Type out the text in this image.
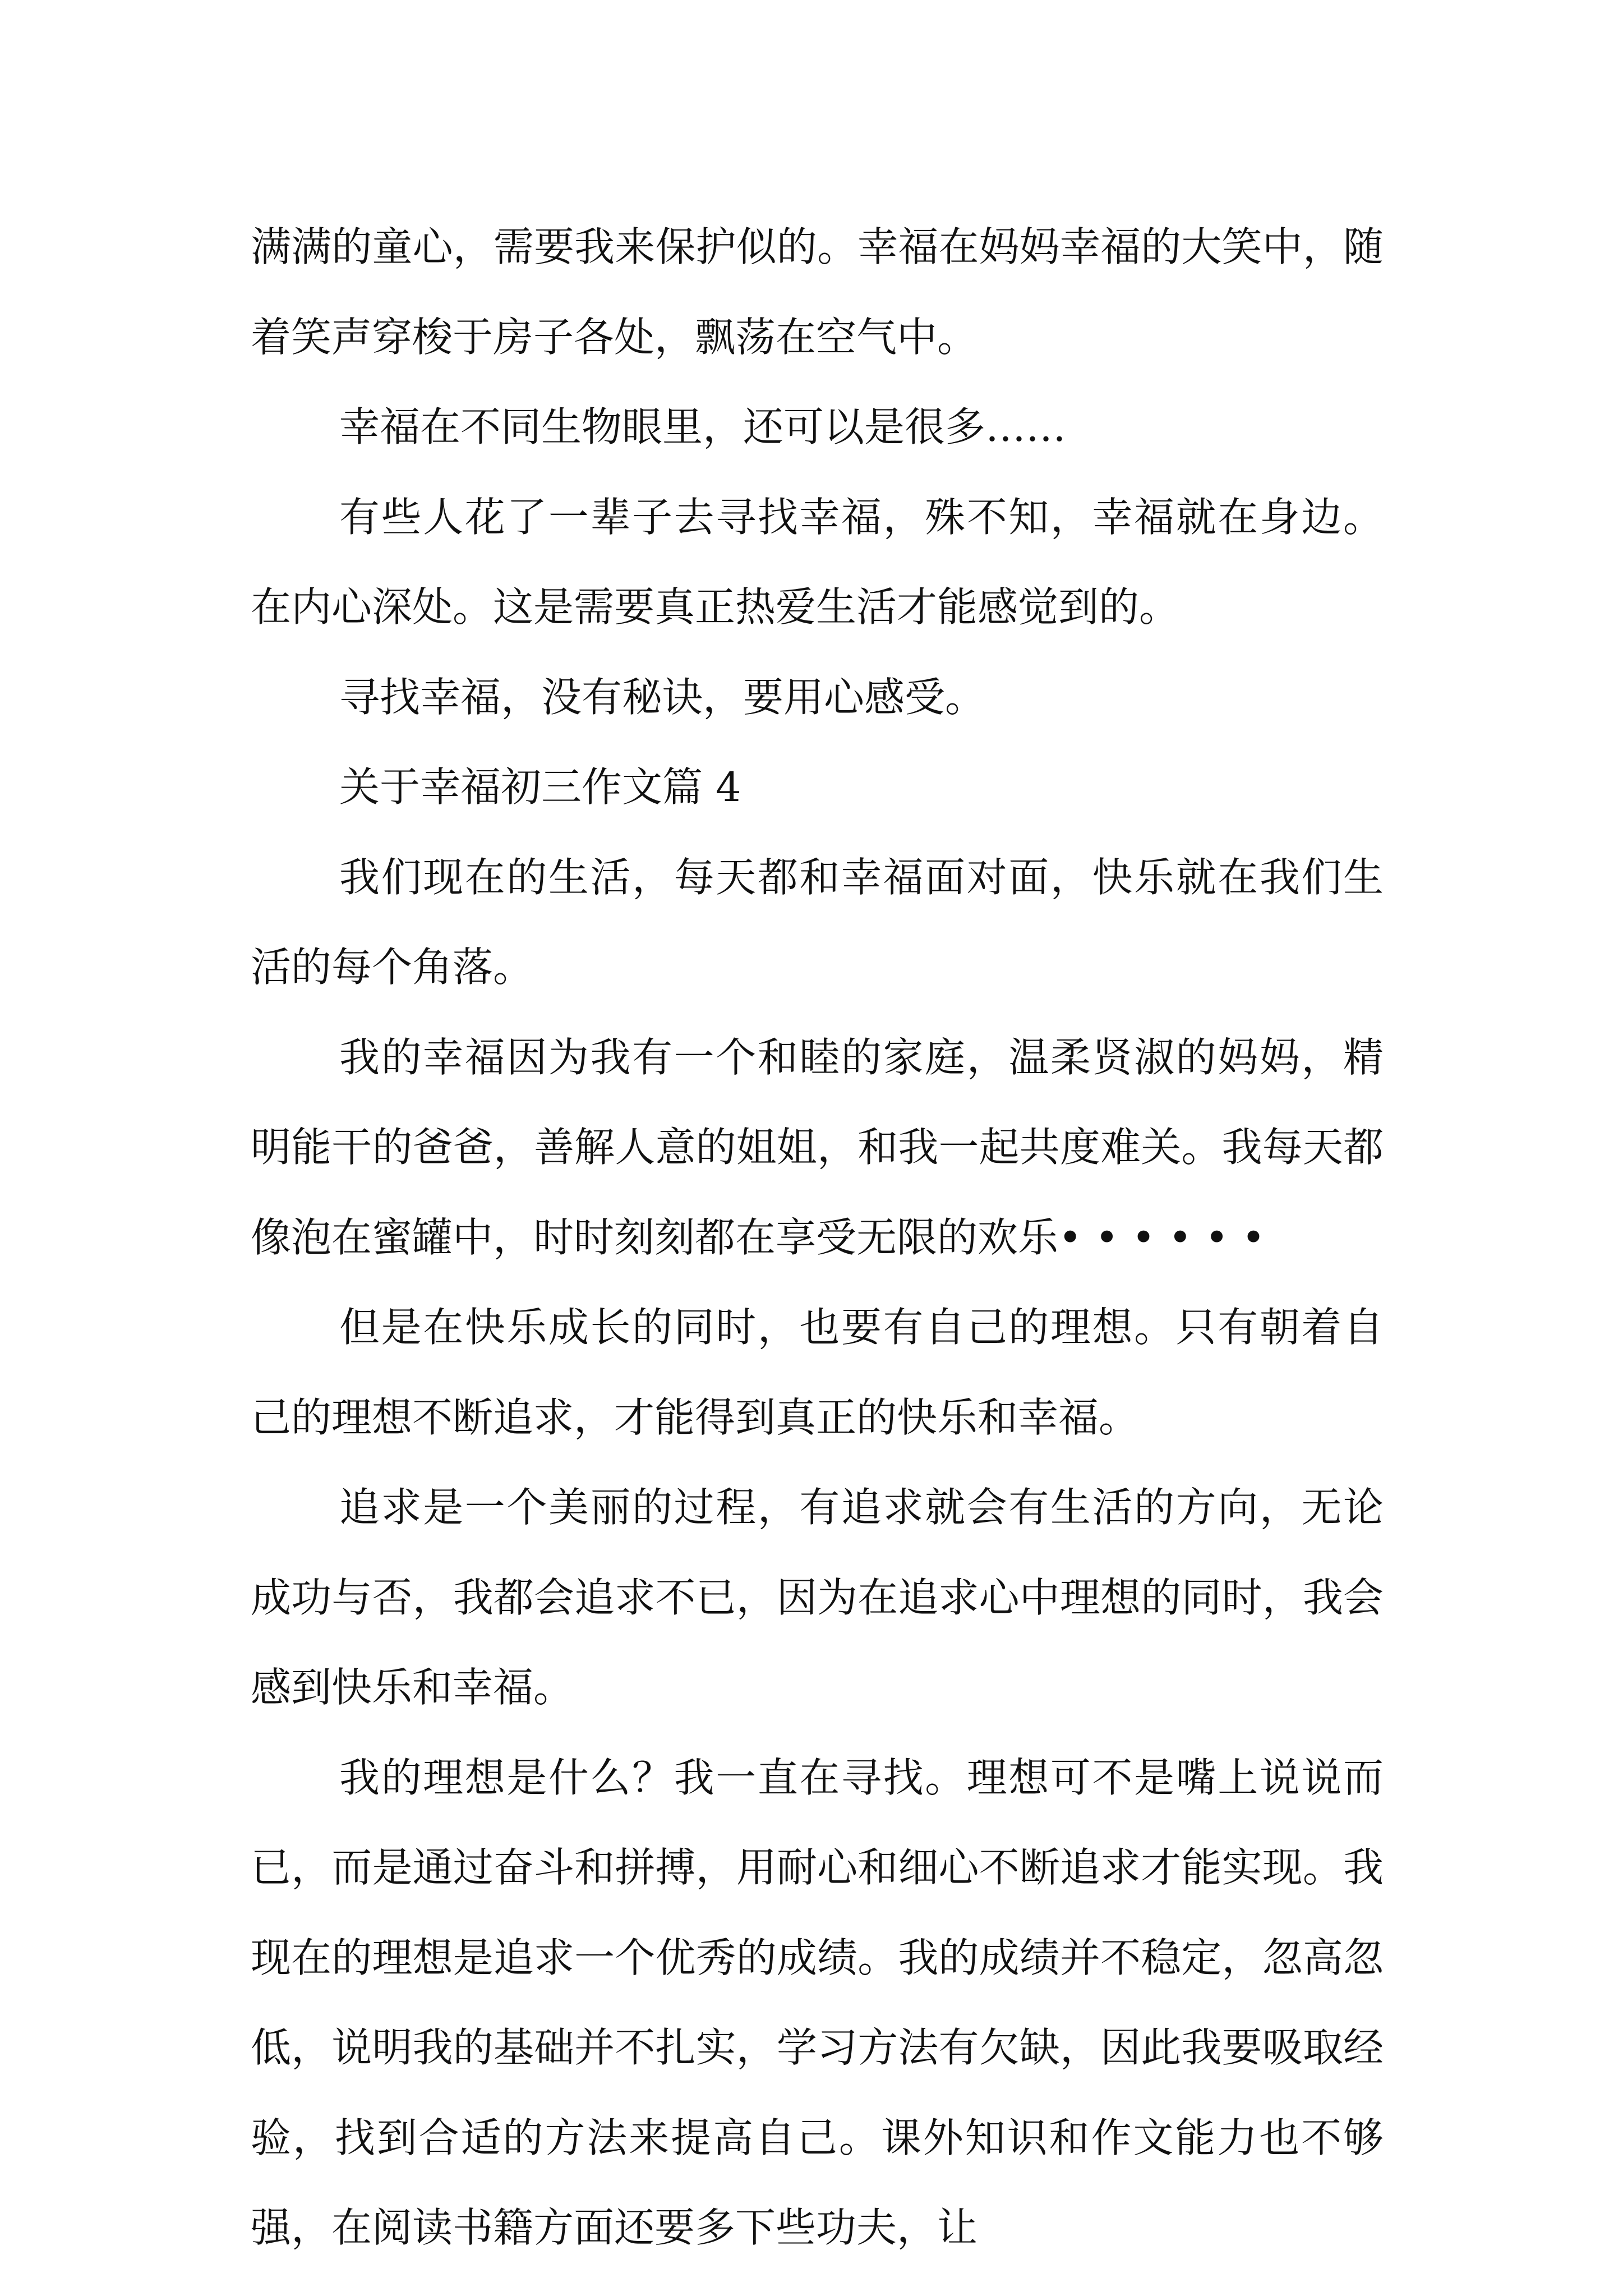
满满的童心，需要我来保护似的。幸福在妈妈幸福的大笑中，随着笑声穿梭于房子各处，飘荡在空气中。

幸福在不同生物眼里，还可以是很多……

有些人花了一辈子去寻找幸福，殊不知，幸福就在身边。在内心深处。这是需要真正热爱生活才能感觉到的。

寻找幸福，没有秘诀，要用心感受。

关于幸福初三作文篇 4

我们现在的生活，每天都和幸福面对面，快乐就在我们生活的每个角落。

我的幸福因为我有一个和睦的家庭，温柔贤淑的妈妈，精明能干的爸爸，善解人意的姐姐，和我一起共度难关。我每天都像泡在蜜罐中，时时刻刻都在享受无限的欢乐• • • • • •

但是在快乐成长的同时，也要有自己的理想。只有朝着自己的理想不断追求，才能得到真正的快乐和幸福。

追求是一个美丽的过程，有追求就会有生活的方向，无论成功与否，我都会追求不已，因为在追求心中理想的同时，我会感到快乐和幸福。

我的理想是什么？我一直在寻找。理想可不是嘴上说说而已，而是通过奋斗和拼搏，用耐心和细心不断追求才能实现。我现在的理想是追求一个优秀的成绩。我的成绩并不稳定，忽高忽低，说明我的基础并不扎实，学习方法有欠缺，因此我要吸取经验，找到合适的方法来提高自己。课外知识和作文能力也不够强，在阅读书籍方面还要多下些功夫，让
